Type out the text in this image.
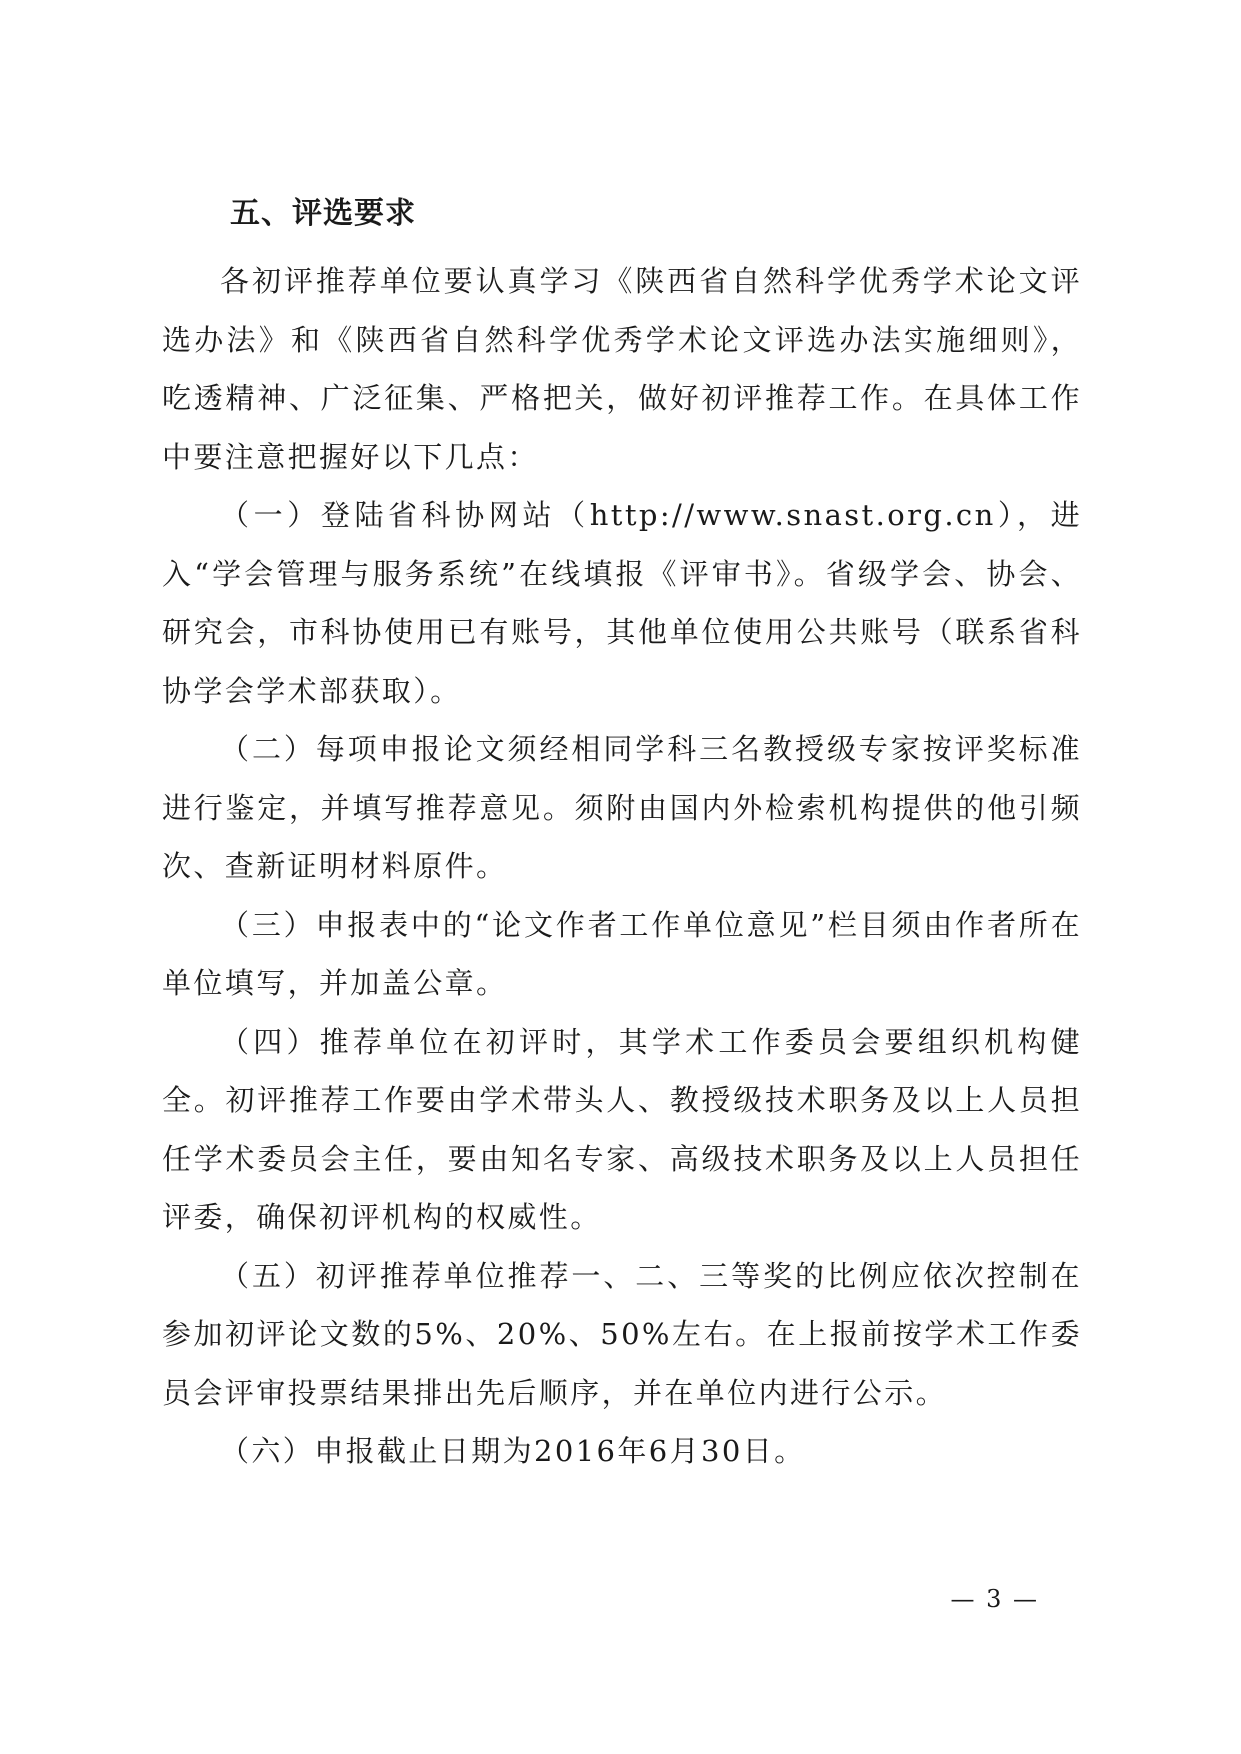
五、评选要求

各初评推荐单位要认真学习《陕西省自然科学优秀学术论文评选办法》和《陕西省自然科学优秀学术论文评选办法实施细则》，吃透精神、广泛征集、严格把关，做好初评推荐工作。在具体工作中要注意把握好以下几点：

（一）登陆省科协网站（http://www.snast.org.cn），进入“学会管理与服务系统”在线填报《评审书》。省级学会、协会、研究会，市科协使用已有账号，其他单位使用公共账号（联系省科协学会学术部获取）。

（二）每项申报论文须经相同学科三名教授级专家按评奖标准进行鉴定，并填写推荐意见。须附由国内外检索机构提供的他引频次、查新证明材料原件。

（三）申报表中的“论文作者工作单位意见”栏目须由作者所在单位填写，并加盖公章。

（四）推荐单位在初评时，其学术工作委员会要组织机构健全。初评推荐工作要由学术带头人、教授级技术职务及以上人员担任学术委员会主任，要由知名专家、高级技术职务及以上人员担任评委，确保初评机构的权威性。

（五）初评推荐单位推荐一、二、三等奖的比例应依次控制在参加初评论文数的5%、20%、50%左右。在上报前按学术工作委员会评审投票结果排出先后顺序，并在单位内进行公示。

（六）申报截止日期为2016年6月30日。

— 3 —
